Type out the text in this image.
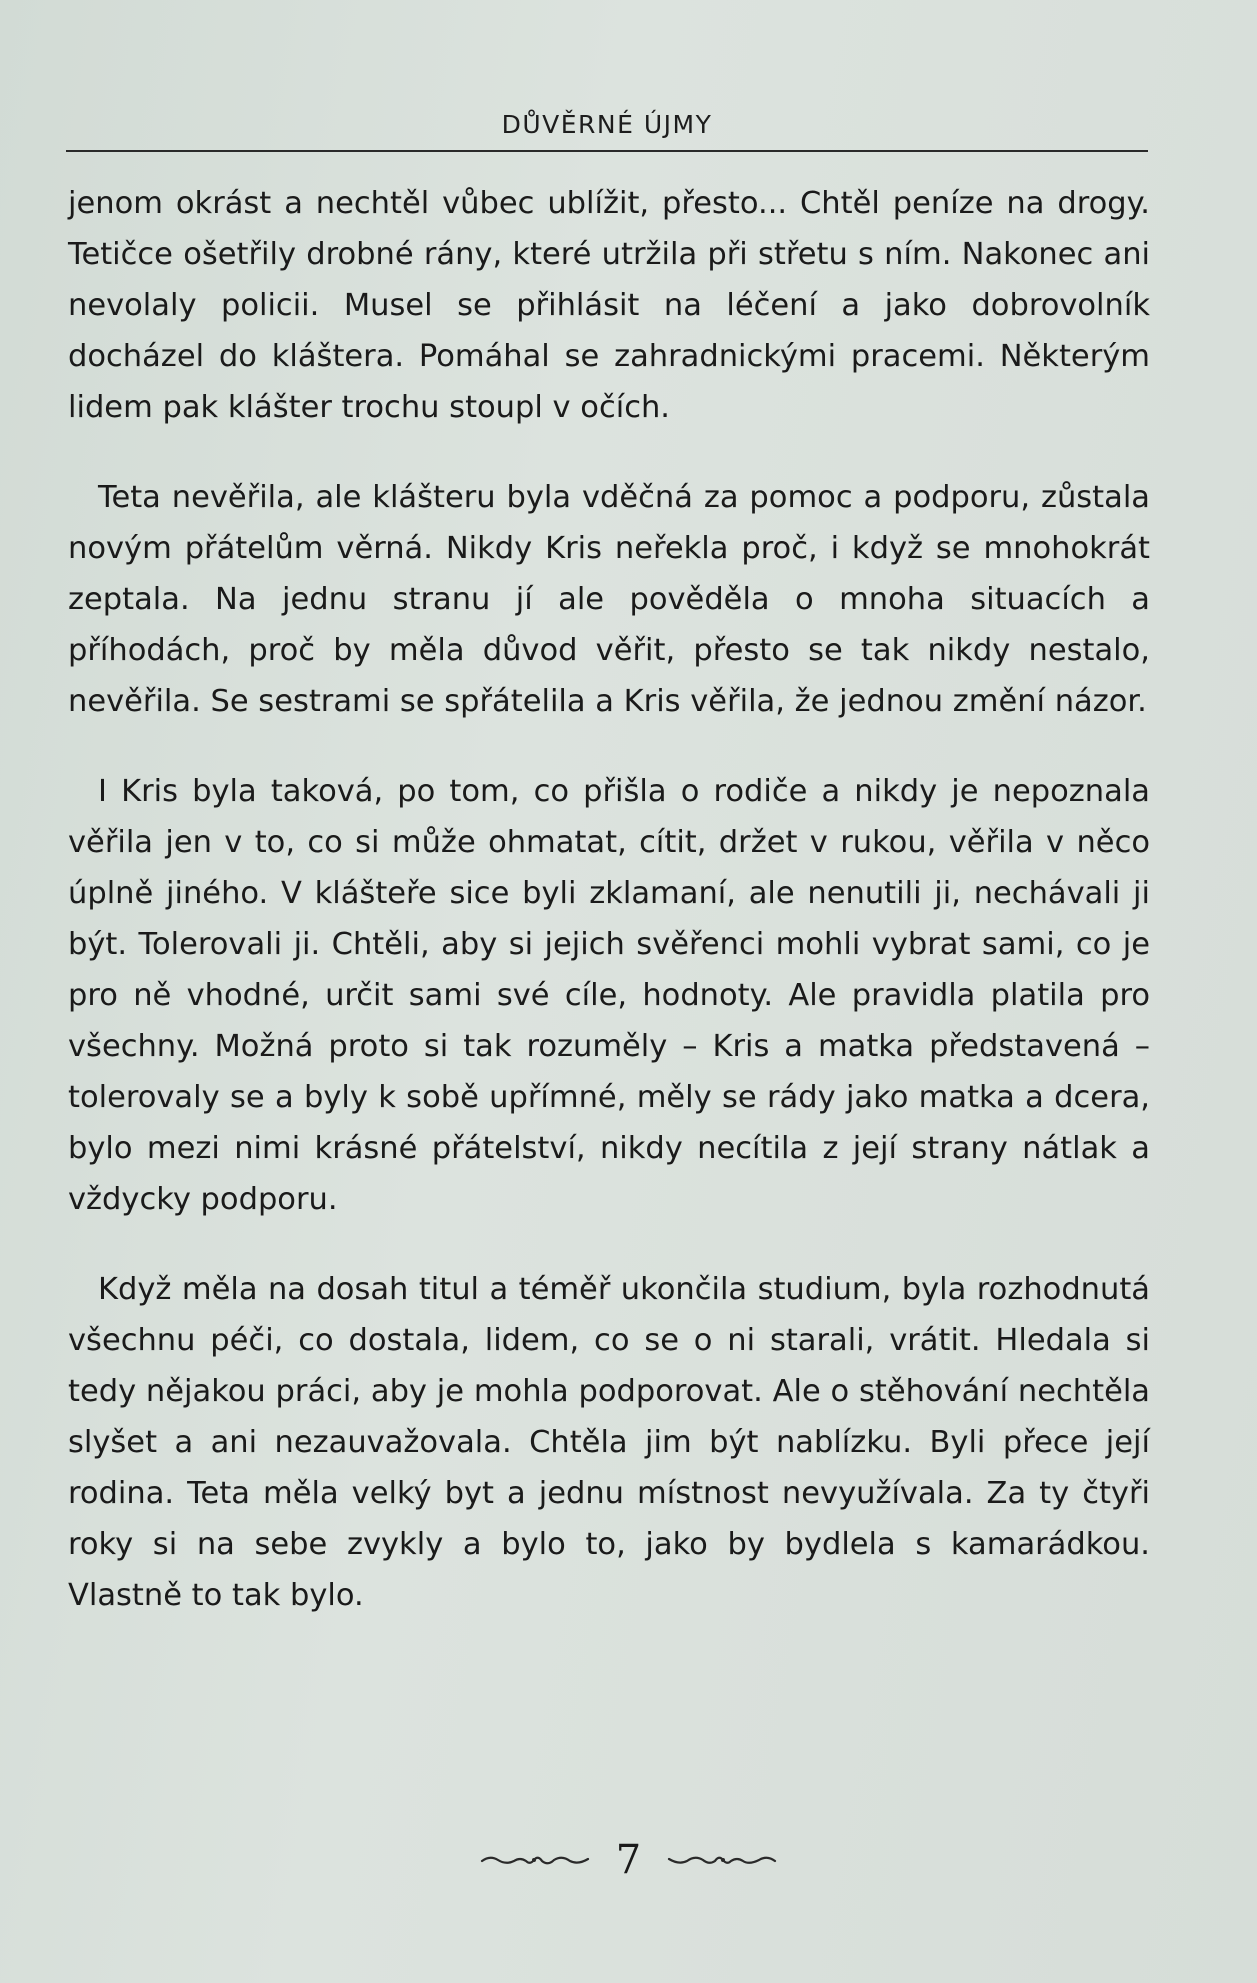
DŮVĚRNÉ ÚJMY

jenom okrást a nechtěl vůbec ublížit, přesto... Chtěl peníze na drogy. Tetičce ošetřily drobné rány, které utržila při střetu s ním. Nakonec ani nevolaly policii. Musel se přihlásit na léčení a jako dobrovolník docházel do kláštera. Pomáhal se zahradnickými pracemi. Některým lidem pak klášter trochu stoupl v očích.

Teta nevěřila, ale klášteru byla vděčná za pomoc a podporu, zůstala novým přátelům věrná. Nikdy Kris neřekla proč, i když se mnohokrát zeptala. Na jednu stranu jí ale pověděla o mnoha situacích a příhodách, proč by měla důvod věřit, přesto se tak nikdy nestalo, nevěřila. Se sestrami se spřátelila a Kris věřila, že jednou změní názor.

I Kris byla taková, po tom, co přišla o rodiče a nikdy je nepoznala věřila jen v to, co si může ohmatat, cítit, držet v rukou, věřila v něco úplně jiného. V klášteře sice byli zklamaní, ale nenutili ji, nechávali ji být. Tolerovali ji. Chtěli, aby si jejich svěřenci mohli vybrat sami, co je pro ně vhodné, určit sami své cíle, hodnoty. Ale pravidla platila pro všechny. Možná proto si tak rozuměly – Kris a matka představená – tolerovaly se a byly k sobě upřímné, měly se rády jako matka a dcera, bylo mezi nimi krásné přátelství, nikdy necítila z její strany nátlak a vždycky podporu.

Když měla na dosah titul a téměř ukončila studium, byla rozhodnutá všechnu péči, co dostala, lidem, co se o ni starali, vrátit. Hledala si tedy nějakou práci, aby je mohla podporovat. Ale o stěhování nechtěla slyšet a ani nezauvažovala. Chtěla jim být nablízku. Byli přece její rodina. Teta měla velký byt a jednu místnost nevyužívala. Za ty čtyři roky si na sebe zvykly a bylo to, jako by bydlela s kamarádkou. Vlastně to tak bylo.

7
